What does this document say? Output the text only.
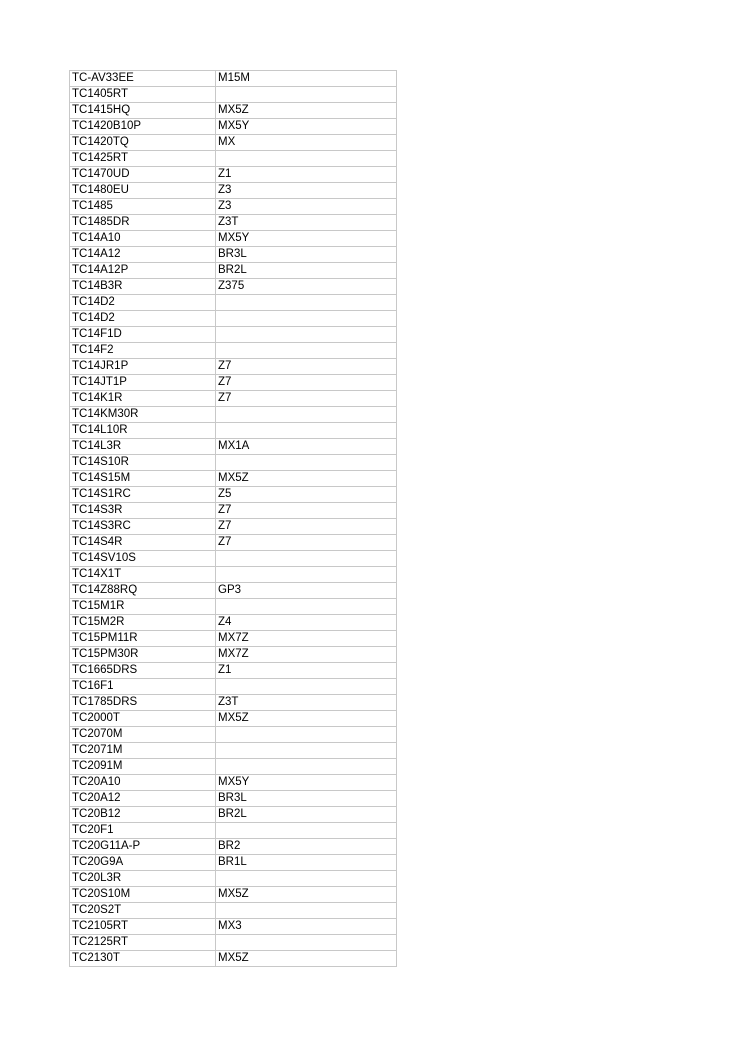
TC-AV33EE	M15M
TC1405RT	
TC1415HQ	MX5Z
TC1420B10P	MX5Y
TC1420TQ	MX
TC1425RT	
TC1470UD	Z1
TC1480EU	Z3
TC1485	Z3
TC1485DR	Z3T
TC14A10	MX5Y
TC14A12	BR3L
TC14A12P	BR2L
TC14B3R	Z375
TC14D2	
TC14D2	
TC14F1D	
TC14F2	
TC14JR1P	Z7
TC14JT1P	Z7
TC14K1R	Z7
TC14KM30R	
TC14L10R	
TC14L3R	MX1A
TC14S10R	
TC14S15M	MX5Z
TC14S1RC	Z5
TC14S3R	Z7
TC14S3RC	Z7
TC14S4R	Z7
TC14SV10S	
TC14X1T	
TC14Z88RQ	GP3
TC15M1R	
TC15M2R	Z4
TC15PM11R	MX7Z
TC15PM30R	MX7Z
TC1665DRS	Z1
TC16F1	
TC1785DRS	Z3T
TC2000T	MX5Z
TC2070M	
TC2071M	
TC2091M	
TC20A10	MX5Y
TC20A12	BR3L
TC20B12	BR2L
TC20F1	
TC20G11A-P	BR2
TC20G9A	BR1L
TC20L3R	
TC20S10M	MX5Z
TC20S2T	
TC2105RT	MX3
TC2125RT	
TC2130T	MX5Z
